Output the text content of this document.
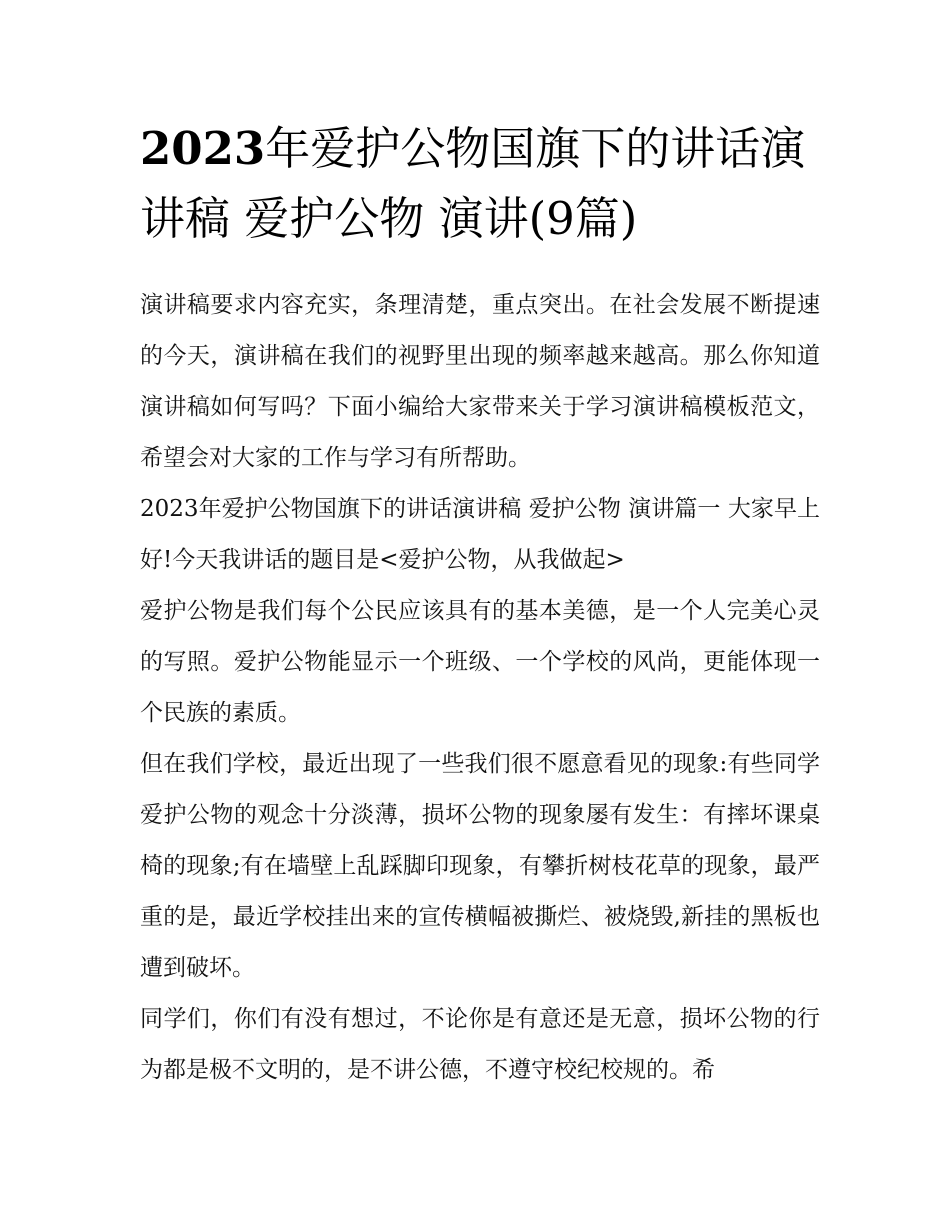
2023年爱护公物国旗下的讲话演讲稿 爱护公物 演讲(9篇)

演讲稿要求内容充实，条理清楚，重点突出。在社会发展不断提速的今天，演讲稿在我们的视野里出现的频率越来越高。那么你知道演讲稿如何写吗？下面小编给大家带来关于学习演讲稿模板范文，希望会对大家的工作与学习有所帮助。

2023年爱护公物国旗下的讲话演讲稿 爱护公物 演讲篇一 大家早上好!今天我讲话的题目是<爱护公物，从我做起>

爱护公物是我们每个公民应该具有的基本美德，是一个人完美心灵的写照。爱护公物能显示一个班级、一个学校的风尚，更能体现一个民族的素质。

但在我们学校，最近出现了一些我们很不愿意看见的现象:有些同学爱护公物的观念十分淡薄，损坏公物的现象屡有发生：有摔坏课桌椅的现象;有在墙壁上乱踩脚印现象，有攀折树枝花草的现象，最严重的是，最近学校挂出来的宣传横幅被撕烂、被烧毁,新挂的黑板也遭到破坏。

同学们，你们有没有想过，不论你是有意还是无意，损坏公物的行为都是极不文明的，是不讲公德，不遵守校纪校规的。希
